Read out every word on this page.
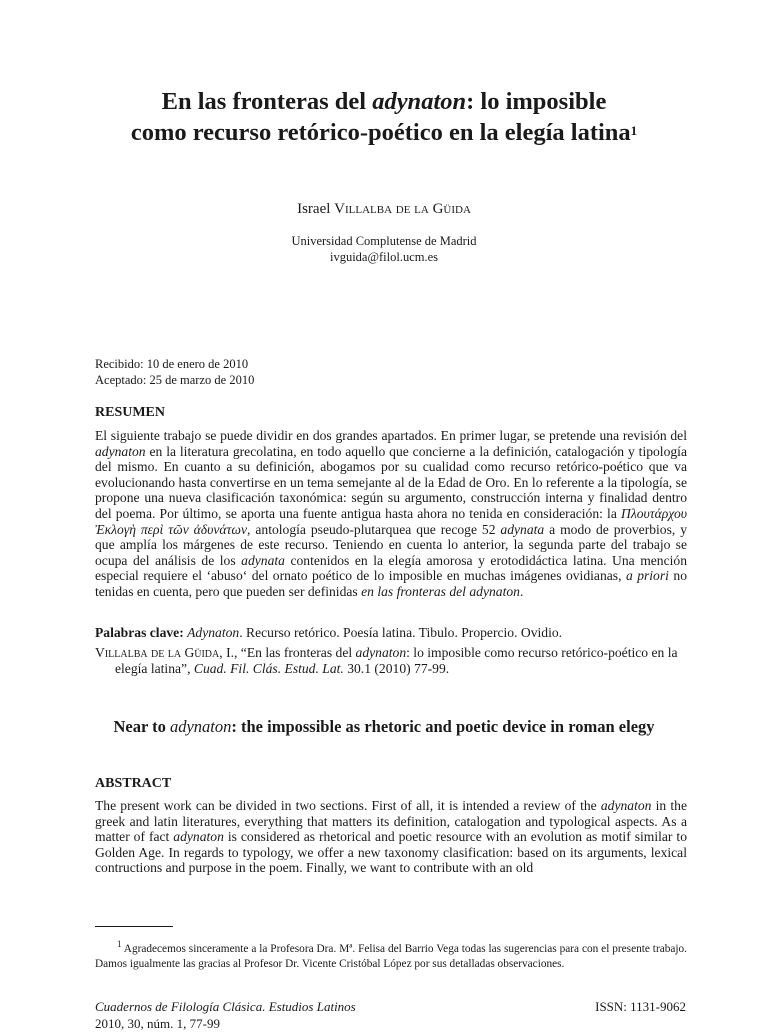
En las fronteras del adynaton: lo imposible
como recurso retórico-poético en la elegía latina$^1$
Israel Villalba de la Güida
Universidad Complutense de Madrid
ivguida@filol.ucm.es
Recibido: 10 de enero de 2010
Aceptado: 25 de marzo de 2010
RESUMEN
El siguiente trabajo se puede dividir en dos grandes apartados. En primer lugar, se pretende una revisión del adynaton en la literatura grecolatina, en todo aquello que concierne a la definición, catalogación y tipología del mismo. En cuanto a su definición, abogamos por su cualidad como recurso retórico-poético que va evolucionando hasta convertirse en un tema semejante al de la Edad de Oro. En lo referente a la tipología, se propone una nueva clasificación taxonómica: según su argumento, construcción interna y finalidad dentro del poema. Por último, se aporta una fuente antigua hasta ahora no tenida en consideración: la Πλουτάρχου Ἐκλογὴ περὶ τῶν ἀδυνάτων, antología pseudo-plutarquea que recoge 52 adynata a modo de proverbios, y que amplía los márgenes de este recurso. Teniendo en cuenta lo anterior, la segunda parte del trabajo se ocupa del análisis de los adynata contenidos en la elegía amorosa y erotodidáctica latina. Una mención especial requiere el ‘abuso‘ del ornato poético de lo imposible en muchas imágenes ovidianas, a priori no tenidas en cuenta, pero que pueden ser definidas en las fronteras del adynaton.
Palabras clave: Adynaton. Recurso retórico. Poesía latina. Tibulo. Propercio. Ovidio.
Villalba de la Güida, I., “En las fronteras del adynaton: lo imposible como recurso retórico-poético en la elegía latina”, Cuad. Fil. Clás. Estud. Lat. 30.1 (2010) 77-99.
Near to adynaton: the impossible as rhetoric and poetic device in roman elegy
ABSTRACT
The present work can be divided in two sections. First of all, it is intended a review of the adynaton in the greek and latin literatures, everything that matters its definition, catalogation and typological aspects. As a matter of fact adynaton is considered as rhetorical and poetic resource with an evolution as motif similar to Golden Age. In regards to typology, we offer a new taxonomy clasification: based on its arguments, lexical contructions and purpose in the poem. Finally, we want to contribute with an old
$^1$ Agradecemos sinceramente a la Profesora Dra. Mª. Felisa del Barrio Vega todas las sugerencias para con el presente trabajo. Damos igualmente las gracias al Profesor Dr. Vicente Cristóbal López por sus detalladas observaciones.
Cuadernos de Filología Clásica. Estudios Latinos	ISSN: 1131-9062
2010, 30, núm. 1, 77-99
